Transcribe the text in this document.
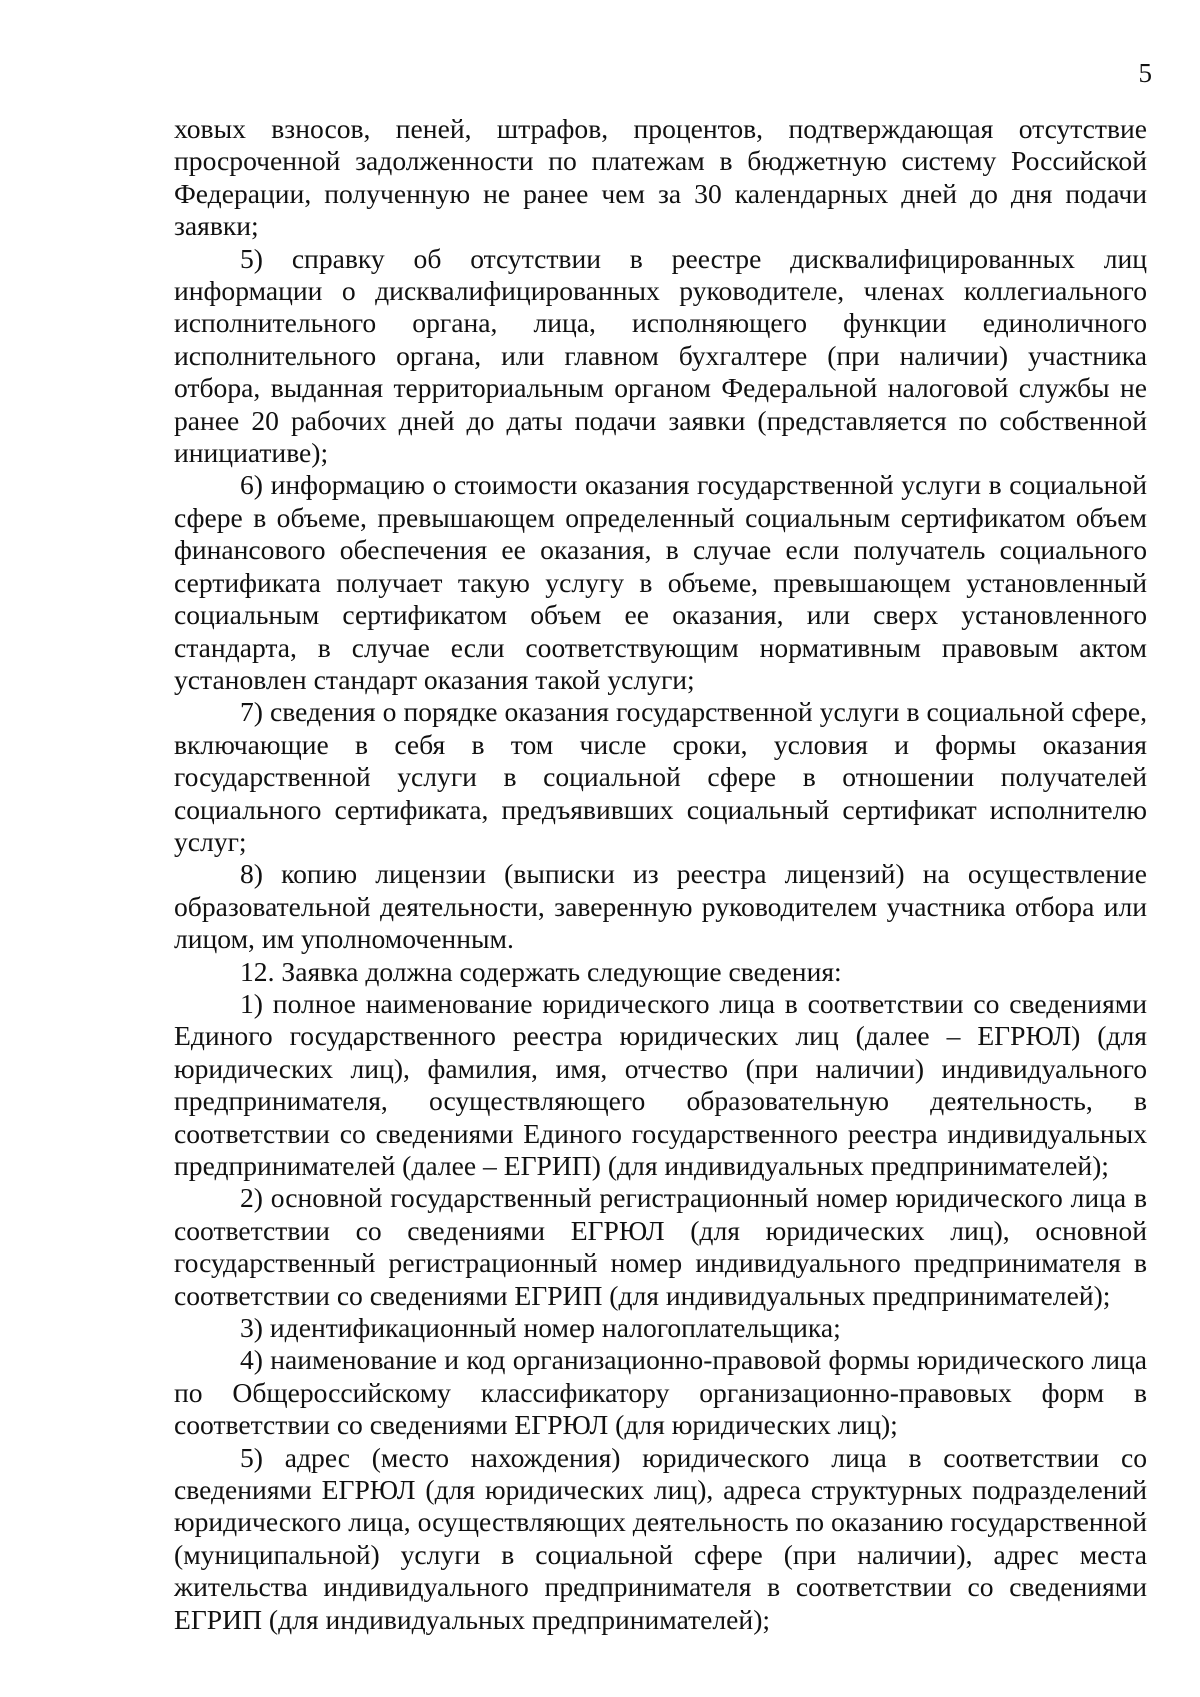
5

ховых взносов, пеней, штрафов, процентов, подтверждающая отсутствие просроченной задолженности по платежам в бюджетную систему Российской Федерации, полученную не ранее чем за 30 календарных дней до дня подачи заявки;

5) справку об отсутствии в реестре дисквалифицированных лиц информации о дисквалифицированных руководителе, членах коллегиального исполнительного органа, лица, исполняющего функции единоличного исполнительного органа, или главном бухгалтере (при наличии) участника отбора, выданная территориальным органом Федеральной налоговой службы не ранее 20 рабочих дней до даты подачи заявки (представляется по собственной инициативе);

6) информацию о стоимости оказания государственной услуги в социальной сфере в объеме, превышающем определенный социальным сертификатом объем финансового обеспечения ее оказания, в случае если получатель социального сертификата получает такую услугу в объеме, превышающем установленный социальным сертификатом объем ее оказания, или сверх установленного стандарта, в случае если соответствующим нормативным правовым актом установлен стандарт оказания такой услуги;

7) сведения о порядке оказания государственной услуги в социальной сфере, включающие в себя в том числе сроки, условия и формы оказания государственной услуги в социальной сфере в отношении получателей социального сертификата, предъявивших социальный сертификат исполнителю услуг;

8) копию лицензии (выписки из реестра лицензий) на осуществление образовательной деятельности, заверенную руководителем участника отбора или лицом, им уполномоченным.

12. Заявка должна содержать следующие сведения:

1) полное наименование юридического лица в соответствии со сведениями Единого государственного реестра юридических лиц (далее – ЕГРЮЛ) (для юридических лиц), фамилия, имя, отчество (при наличии) индивидуального предпринимателя, осуществляющего образовательную деятельность, в соответствии со сведениями Единого государственного реестра индивидуальных предпринимателей (далее – ЕГРИП) (для индивидуальных предпринимателей);

2) основной государственный регистрационный номер юридического лица в соответствии со сведениями ЕГРЮЛ (для юридических лиц), основной государственный регистрационный номер индивидуального предпринимателя в соответствии со сведениями ЕГРИП (для индивидуальных предпринимателей);

3) идентификационный номер налогоплательщика;

4) наименование и код организационно-правовой формы юридического лица по Общероссийскому классификатору организационно-правовых форм в соответствии со сведениями ЕГРЮЛ (для юридических лиц);

5) адрес (место нахождения) юридического лица в соответствии со сведениями ЕГРЮЛ (для юридических лиц), адреса структурных подразделений юридического лица, осуществляющих деятельность по оказанию государственной (муниципальной) услуги в социальной сфере (при наличии), адрес места жительства индивидуального предпринимателя в соответствии со сведениями ЕГРИП (для индивидуальных предпринимателей);
